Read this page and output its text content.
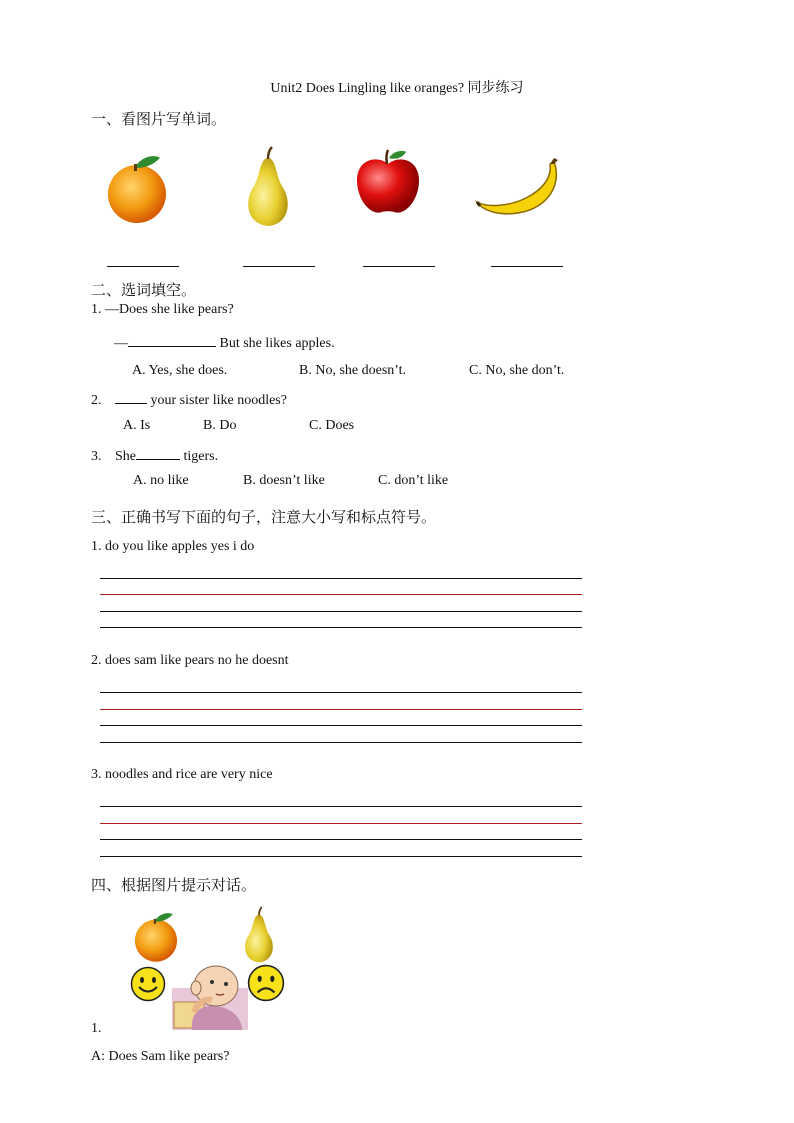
Unit2 Does Lingling like oranges? 同步练习
一、看图片写单词。
二、选词填空。
1. —Does she like pears?
—	But she likes apples.
A. Yes, she does.	B. No, she doesn’t.	C. No, she don’t.
2.	your sister like noodles?
A. Is	B. Do	C. Does
3. She	tigers.
A. no like	B. doesn’t like	C. don’t like
三、正确书写下面的句子，注意大小写和标点符号。
1. do you like apples yes i do
2. does sam like pears no he doesnt
3. noodles and rice are very nice
四、根据图片提示对话。
1.
A: Does Sam like pears?
